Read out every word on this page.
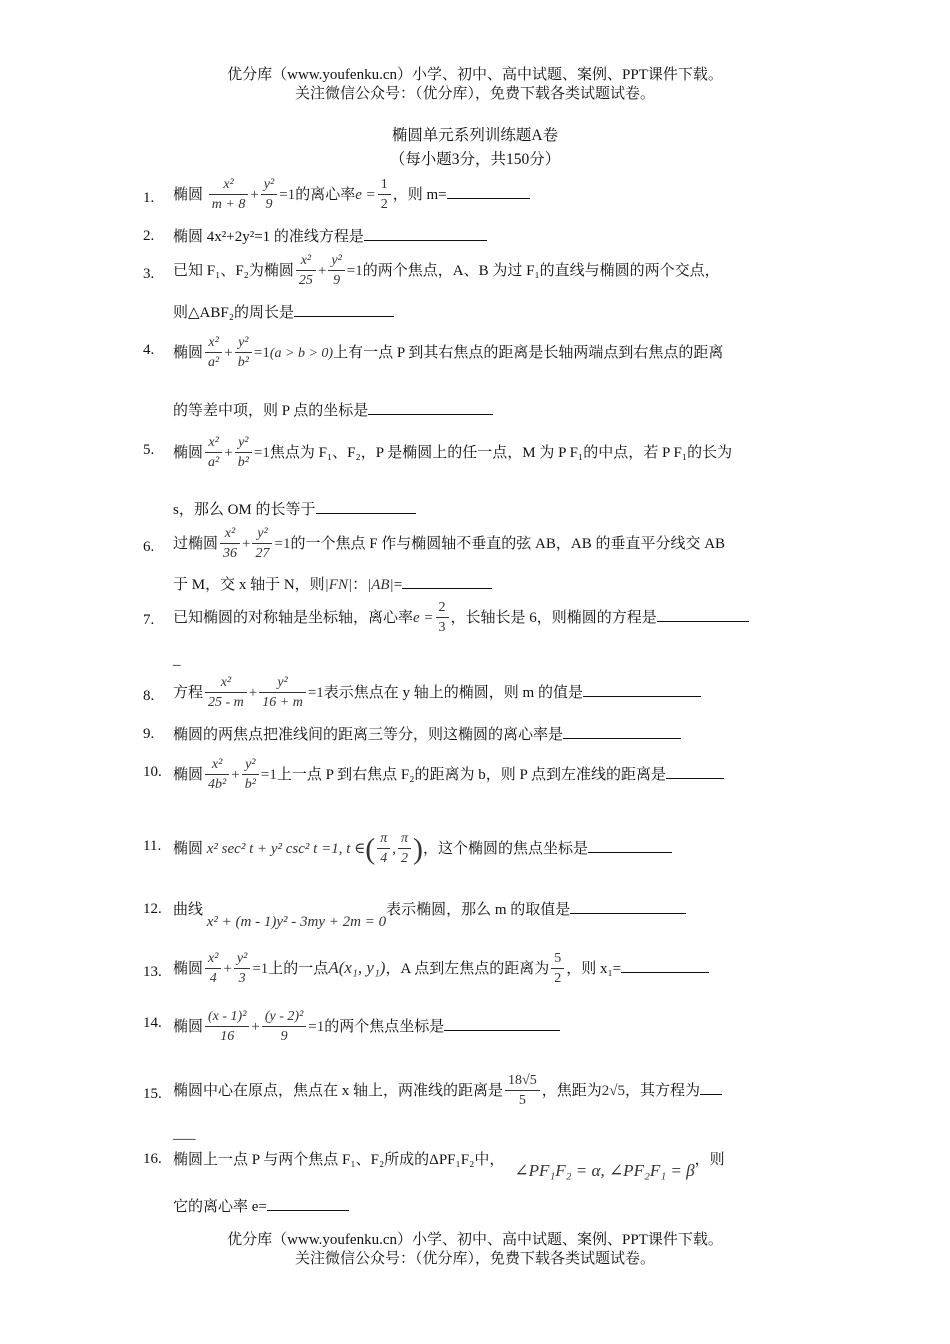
优分库（www.youfenku.cn）小学、初中、高中试题、案例、PPT课件下载。
关注微信公众号：（优分库），免费下载各类试题试卷。
椭圆单元系列训练题A卷
（每小题3分，共150分）
1. 椭圆 $\frac{\text{x²}}{m + 8} + \frac{\text{y²}}{9} =1$的离心率$e = \frac{1}{2}$ ，则 m=
2. 椭圆 4x²+2y²=1 的准线方程是
3. 已知 F₁、F₂为椭圆 $\frac{\text{x²}}{25} + \frac{\text{y²}}{9} =1$的两个焦点，A、B 为过 F₁的直线与椭圆的两个交点，
则△ABF₂的周长是
4. 椭圆 $\frac{\text{x²}}{\text{a²}} + \frac{\text{y²}}{\text{b²}} =1(a > b > 0)$上有一点 P 到其右焦点的距离是长轴两端点到右焦点的距离
的等差中项，则 P 点的坐标是
5. 椭圆 $\frac{\text{x²}}{\text{a²}} + \frac{\text{y²}}{\text{b²}} =1$焦点为 F₁、F₂，P 是椭圆上的任一点，M 为 P F₁的中点，若 P F₁的长为
s，那么 OM 的长等于
6. 过椭圆 $\frac{\text{x²}}{36} + \frac{\text{y²}}{27} =1$的一个焦点 F 作与椭圆轴不垂直的弦 AB，AB 的垂直平分线交 AB
于 M，交 x 轴于 N，则|FN|：|AB|=
7. 已知椭圆的对称轴是坐标轴，离心率$e = \frac{2}{3}$ ，长轴长是 6，则椭圆的方程是
_
8. 方程 $\frac{\text{x²}}{25 - m} + \frac{\text{y²}}{16 + m} =1$表示焦点在 y 轴上的椭圆，则 m 的值是
9. 椭圆的两焦点把准线间的距离三等分，则这椭圆的离心率是
10. 椭圆 $\frac{\text{x²}}{\text{4b²}} + \frac{\text{y²}}{\text{b²}} =1$上一点 P 到右焦点 F₂的距离为 b，则 P 点到左准线的距离是
11. 椭圆 x² sec² t + y² csc² t =1, t ∈( $\frac{\pi}{4}$ , $\frac{\pi}{2}$ )，这个椭圆的焦点坐标是
12. 曲线 x² + (m - 1)y² - 3my + 2m = 0表示椭圆，那么 m 的取值是
13. 椭圆 $\frac{\text{x²}}{4} + \frac{\text{y²}}{3} =1$上的一点A(x₁, y₁)，A 点到左焦点的距离为 $\frac{5}{2}$ ，则 x₁=
14. 椭圆 $\frac{\text{(x - 1)²}}{16} + \frac{\text{(y - 2)²}}{9} =1$的两个焦点坐标是
15. 椭圆中心在原点，焦点在 x 轴上，两准线的距离是 $\frac{18√5}{5}$ ，焦距为2√5，其方程为
___
16. 椭圆上一点 P 与两个焦点 F₁、F₂所成的ΔPF₁F₂中，∠PF₁F₂ = α, ∠PF₂F₁ = β，则
它的离心率 e=
优分库（www.youfenku.cn）小学、初中、高中试题、案例、PPT课件下载。
关注微信公众号：（优分库），免费下载各类试题试卷。
